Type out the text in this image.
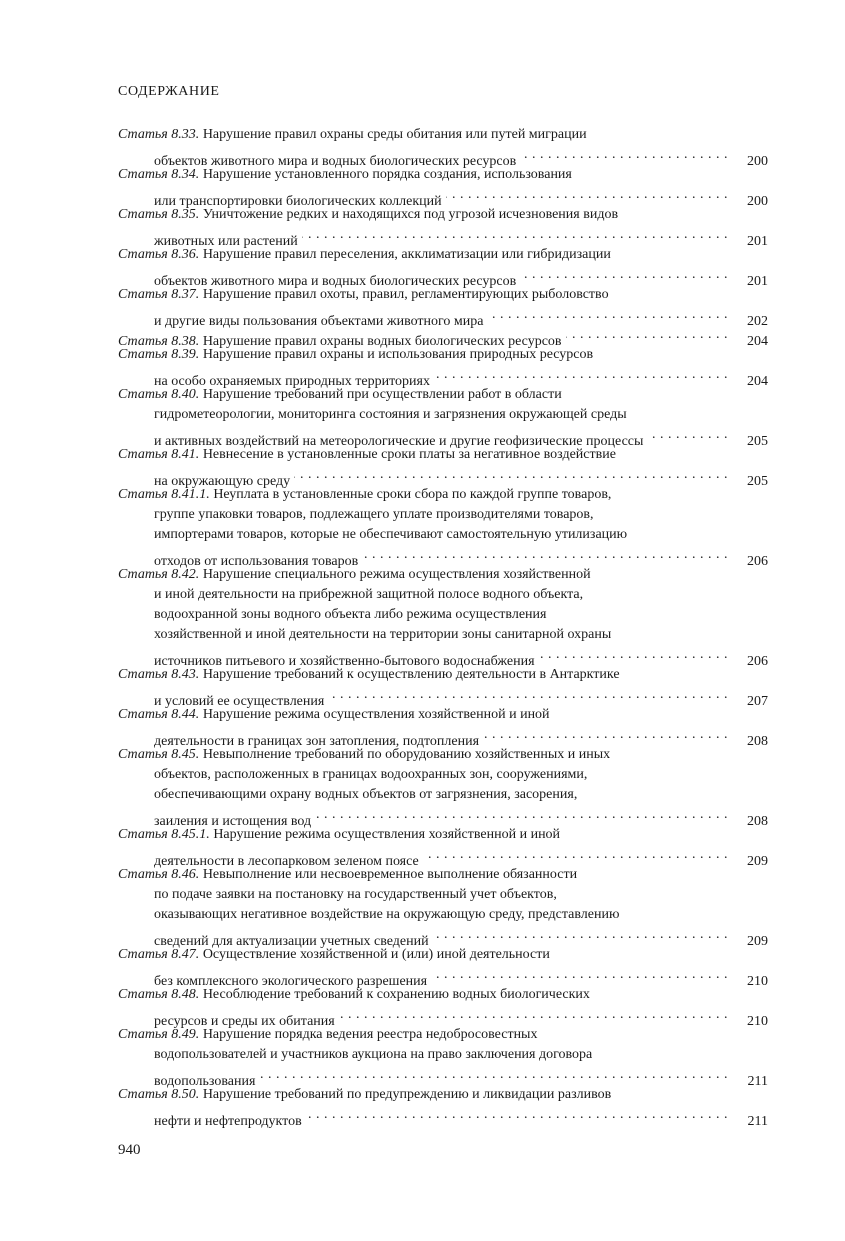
СОДЕРЖАНИЕ
Статья 8.33. Нарушение правил охраны среды обитания или путей миграции
объектов животного мира и водных биологических ресурсов . . .	200
Статья 8.34. Нарушение установленного порядка создания, использования
или транспортировки биологических коллекций . . .	200
Статья 8.35. Уничтожение редких и находящихся под угрозой исчезновения видов
животных или растений . . .	201
Статья 8.36. Нарушение правил переселения, акклиматизации или гибридизации
объектов животного мира и водных биологических ресурсов . . .	201
Статья 8.37. Нарушение правил охоты, правил, регламентирующих рыболовство
и другие виды пользования объектами животного мира . . .	202
Статья 8.38. Нарушение правил охраны водных биологических ресурсов . . .	204
Статья 8.39. Нарушение правил охраны и использования природных ресурсов
на особо охраняемых природных территориях . . .	204
Статья 8.40. Нарушение требований при осуществлении работ в области
гидрометеорологии, мониторинга состояния и загрязнения окружающей среды
и активных воздействий на метеорологические и другие геофизические процессы . . .	205
Статья 8.41. Невнесение в установленные сроки платы за негативное воздействие
на окружающую среду . . .	205
Статья 8.41.1. Неуплата в установленные сроки сбора по каждой группе товаров,
группе упаковки товаров, подлежащего уплате производителями товаров,
импортерами товаров, которые не обеспечивают самостоятельную утилизацию
отходов от использования товаров . . .	206
Статья 8.42. Нарушение специального режима осуществления хозяйственной
и иной деятельности на прибрежной защитной полосе водного объекта,
водоохранной зоны водного объекта либо режима осуществления
хозяйственной и иной деятельности на территории зоны санитарной охраны
источников питьевого и хозяйственно-бытового водоснабжения . . .	206
Статья 8.43. Нарушение требований к осуществлению деятельности в Антарктике
и условий ее осуществления . . .	207
Статья 8.44. Нарушение режима осуществления хозяйственной и иной
деятельности в границах зон затопления, подтопления . . .	208
Статья 8.45. Невыполнение требований по оборудованию хозяйственных и иных
объектов, расположенных в границах водоохранных зон, сооружениями,
обеспечивающими охрану водных объектов от загрязнения, засорения,
заиления и истощения вод . . .	208
Статья 8.45.1. Нарушение режима осуществления хозяйственной и иной
деятельности в лесопарковом зеленом поясе . . .	209
Статья 8.46. Невыполнение или несвоевременное выполнение обязанности
по подаче заявки на постановку на государственный учет объектов,
оказывающих негативное воздействие на окружающую среду, представлению
сведений для актуализации учетных сведений . . .	209
Статья 8.47. Осуществление хозяйственной и (или) иной деятельности
без комплексного экологического разрешения . . .	210
Статья 8.48. Несоблюдение требований к сохранению водных биологических
ресурсов и среды их обитания . . .	210
Статья 8.49. Нарушение порядка ведения реестра недобросовестных
водопользователей и участников аукциона на право заключения договора
водопользования . . .	211
Статья 8.50. Нарушение требований по предупреждению и ликвидации разливов
нефти и нефтепродуктов . . .	211
940
